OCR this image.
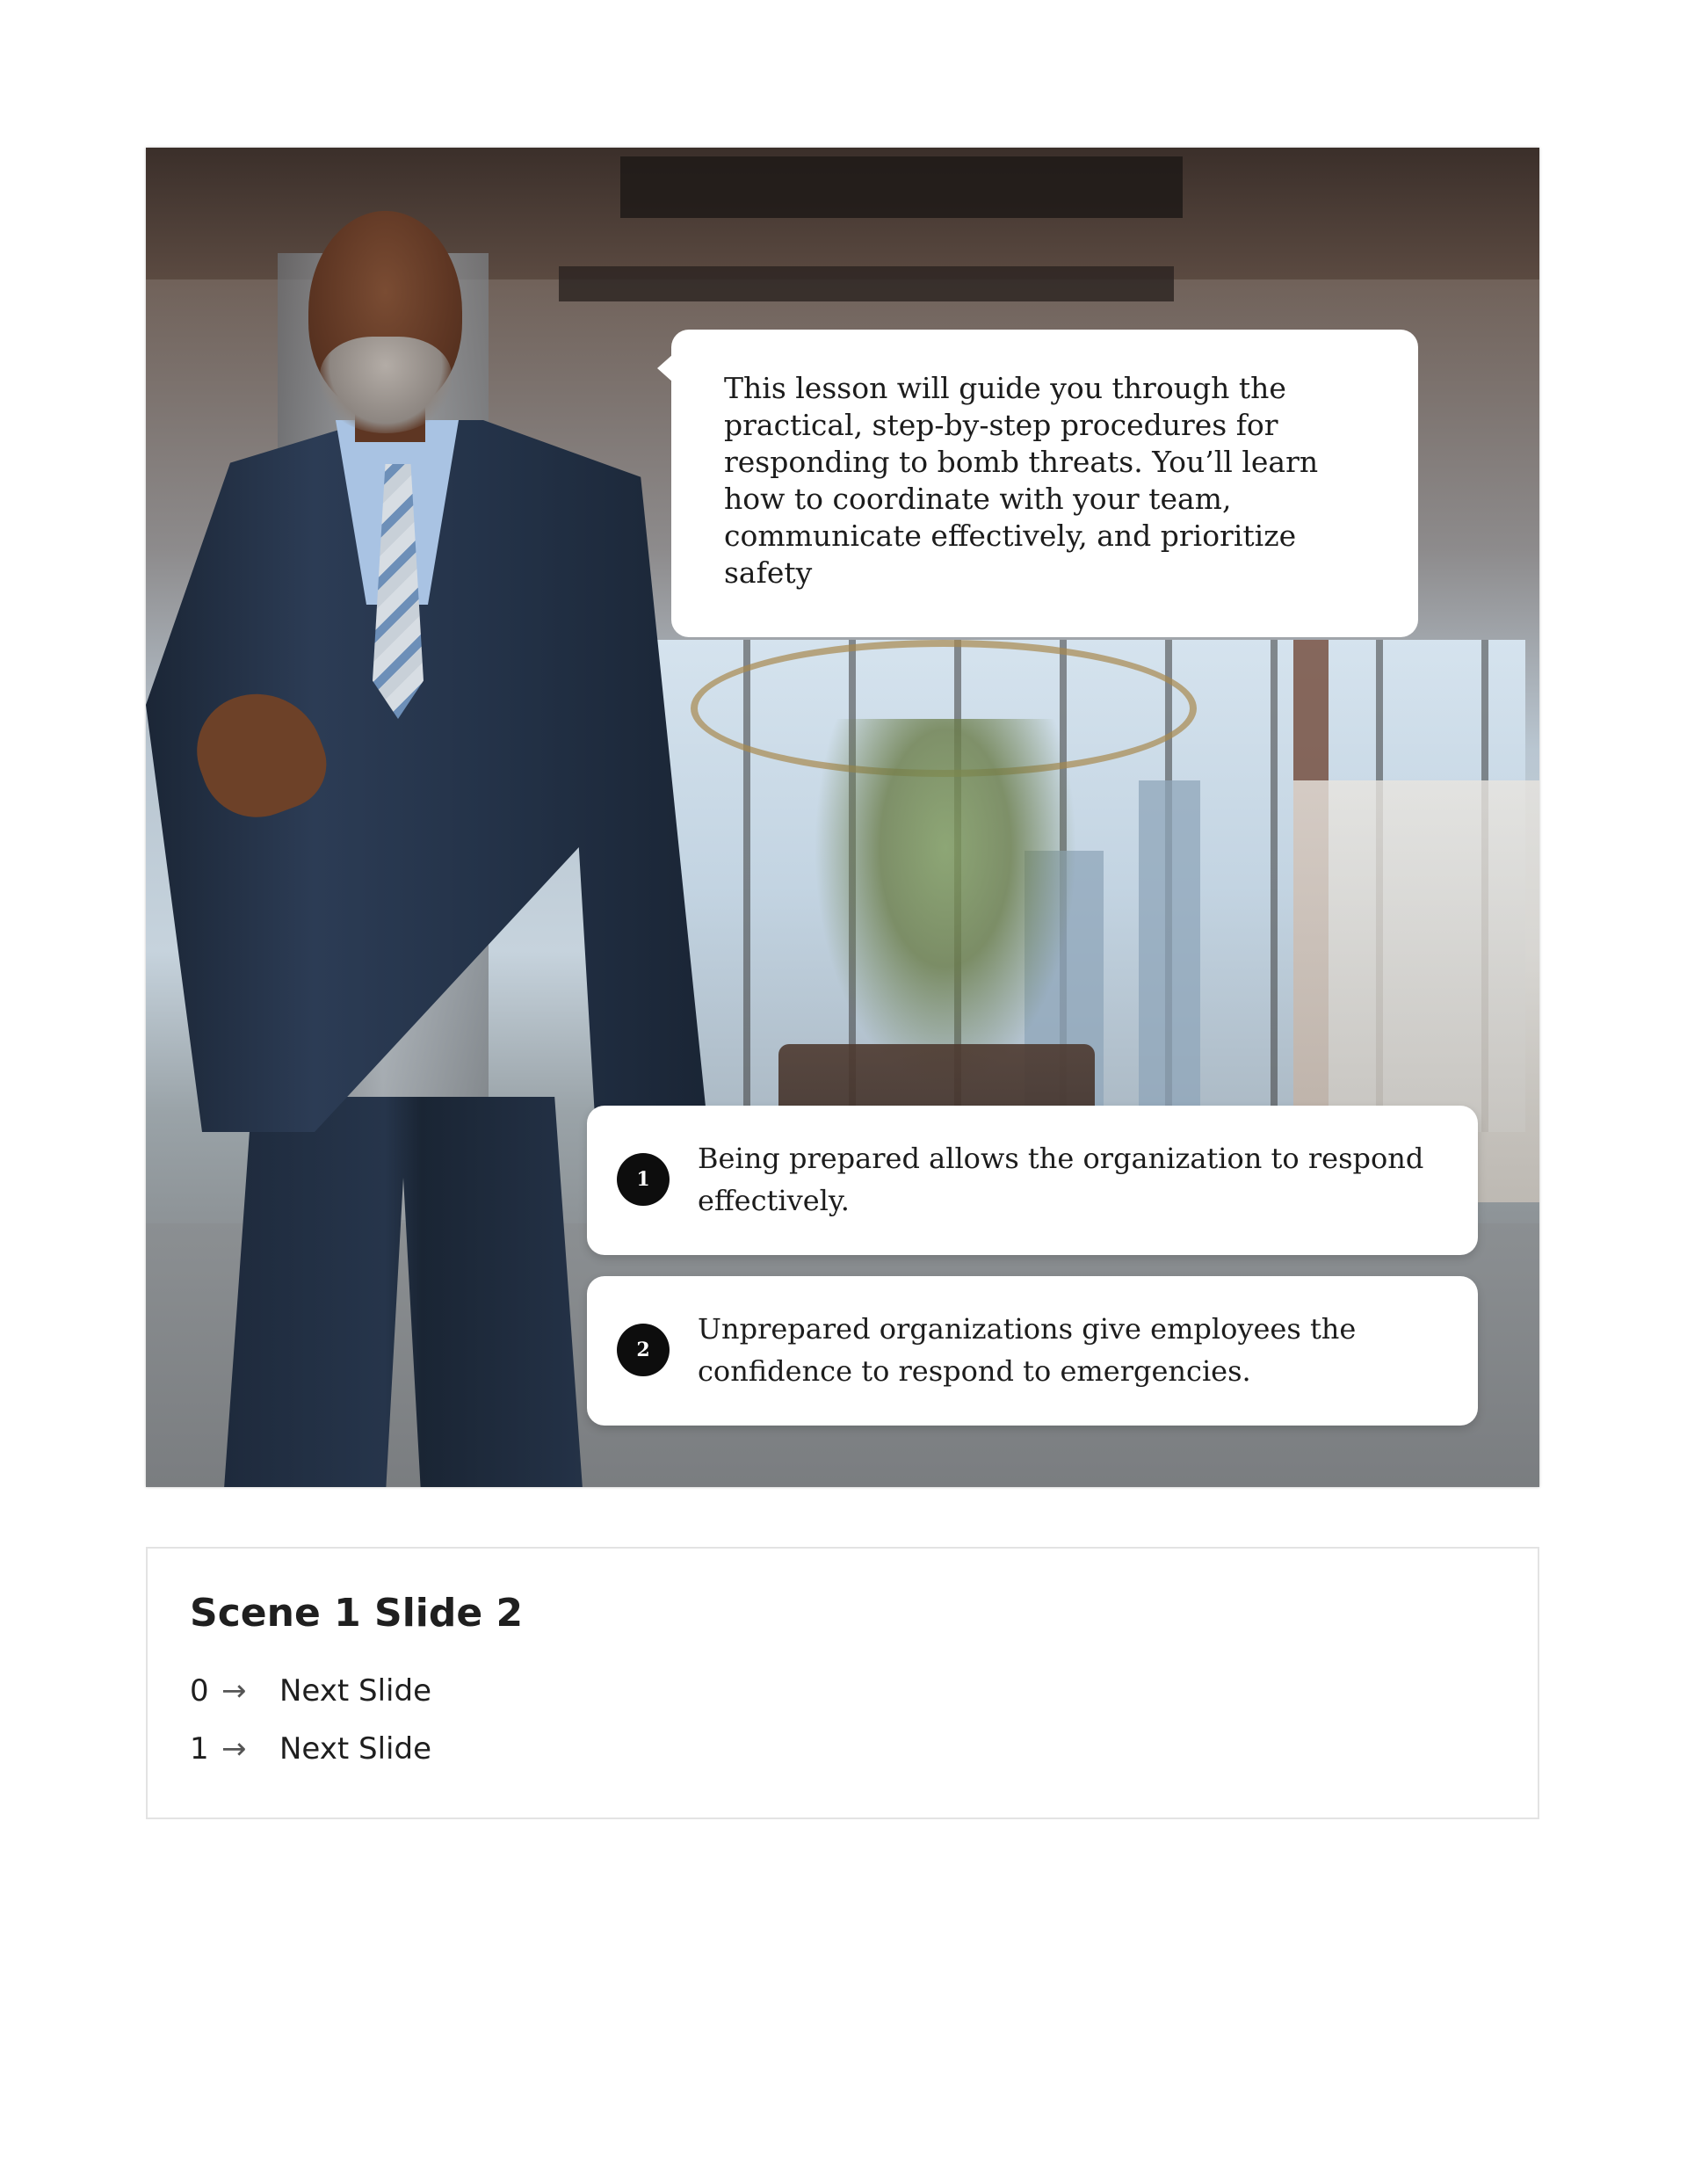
This lesson will guide you through the practical, step-by-step procedures for responding to bomb threats. You’ll learn how to coordinate with your team, communicate effectively, and prioritize safety

1

Being prepared allows the organization to respond effectively.

2

Unprepared organizations give employees the confidence to respond to emergencies.

Scene 1 Slide 2
0 →	Next Slide
1 →	Next Slide
